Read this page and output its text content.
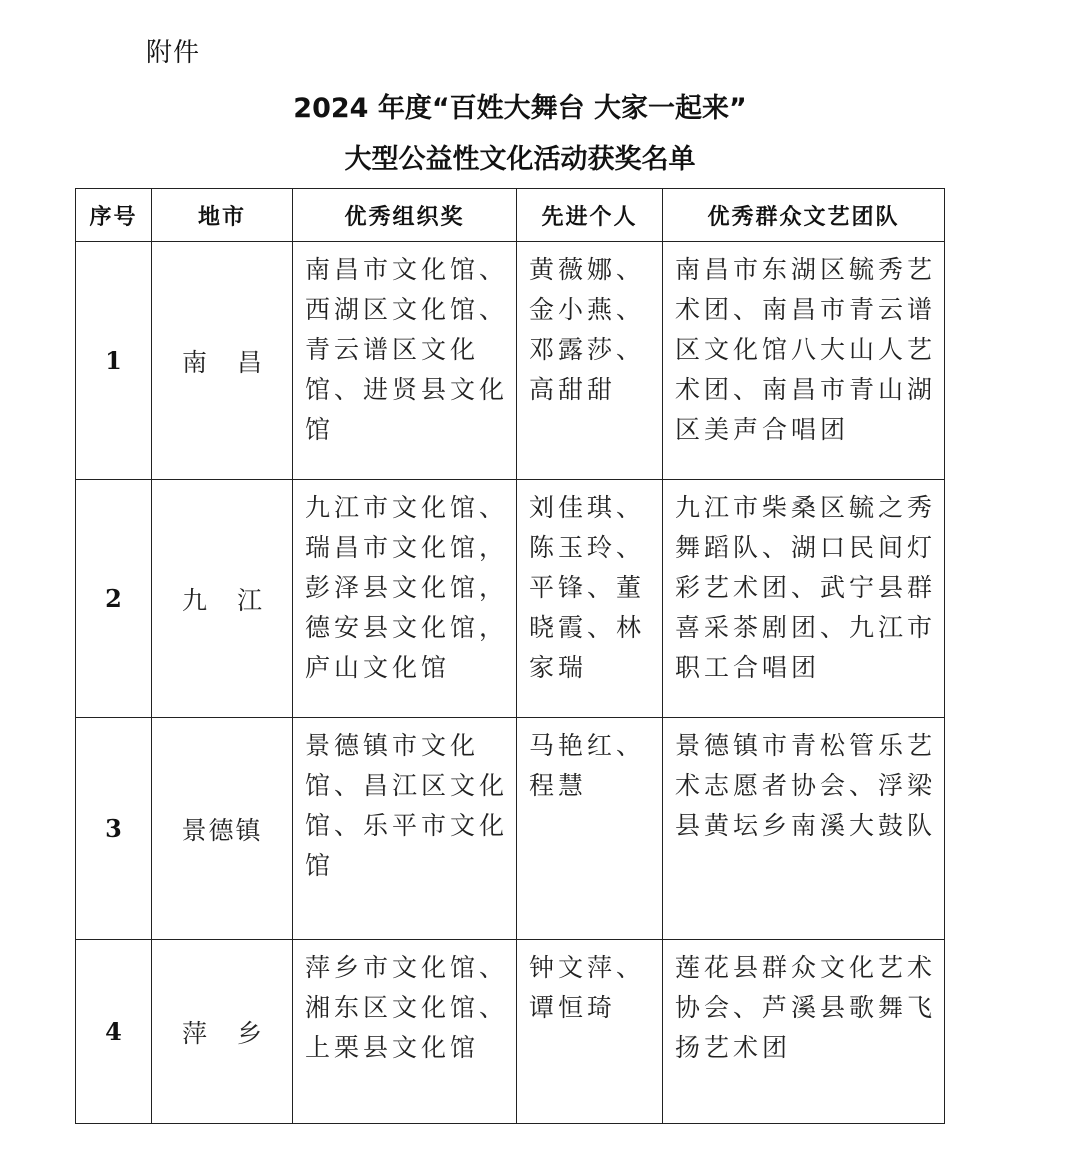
附件
2024 年度“百姓大舞台 大家一起来”
大型公益性文化活动获奖名单
序号	地市	优秀组织奖	先进个人	优秀群众文艺团队
1	南昌	南昌市文化馆、西湖区文化馆、青云谱区文化馆、进贤县文化馆	黄薇娜、金小燕、邓露莎、高甜甜	南昌市东湖区毓秀艺术团、南昌市青云谱区文化馆八大山人艺术团、南昌市青山湖区美声合唱团

2	九江	九江市文化馆、瑞昌市文化馆，彭泽县文化馆，德安县文化馆，庐山文化馆	刘佳琪、陈玉玲、平锋、董晓霞、林家瑞	九江市柴桑区毓之秀舞蹈队、湖口民间灯彩艺术团、武宁县群喜采茶剧团、九江市职工合唱团

3	景德镇	景德镇市文化馆、昌江区文化馆、乐平市文化馆	马艳红、程慧	景德镇市青松管乐艺术志愿者协会、浮梁县黄坛乡南溪大鼓队

4	萍乡	萍乡市文化馆、湘东区文化馆、上栗县文化馆	钟文萍、谭恒琦	莲花县群众文化艺术协会、芦溪县歌舞飞扬艺术团
